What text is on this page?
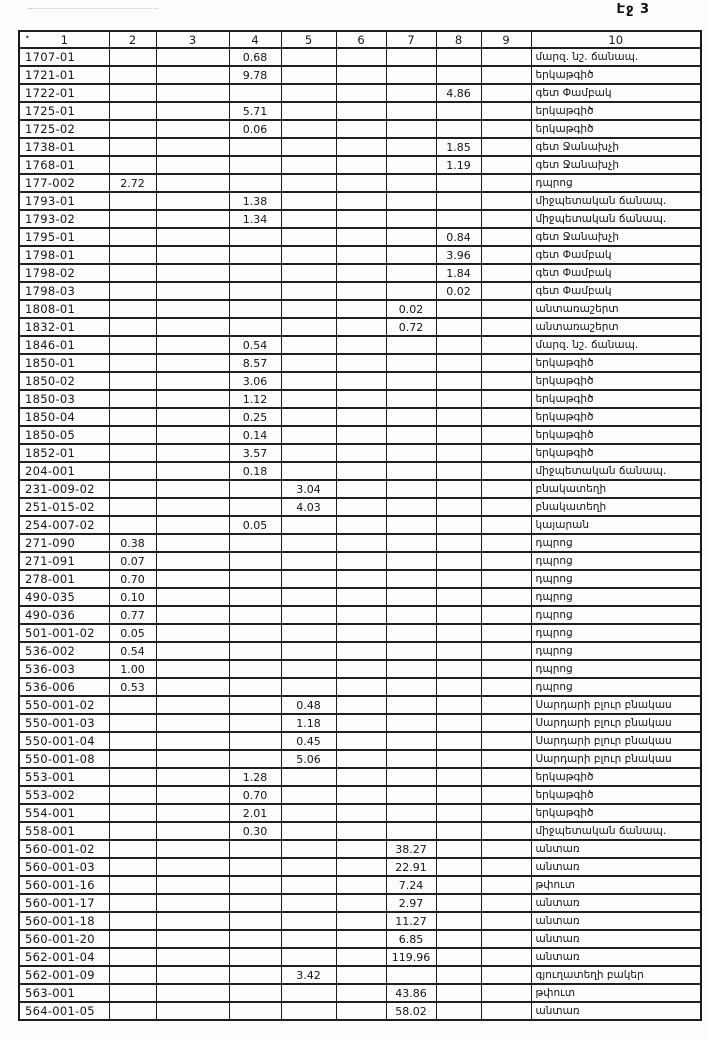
Էջ 3
• 1	2	3	4	5	6	7	8	9	10
1707-01			0.68						մարզ. նշ. ճանապ.
1721-01			9.78						երկաթգիծ
1722-01							4.86		գետ Փամբակ
1725-01			5.71						երկաթգիծ
1725-02			0.06						երկաթգիծ
1738-01							1.85		գետ Ջանախչի
1768-01							1.19		գետ Ջանախչի
177-002	2.72								դպրոց
1793-01			1.38						միջպետական ճանապ.
1793-02			1.34						միջպետական ճանապ.
1795-01							0.84		գետ Ջանախչի
1798-01							3.96		գետ Փամբակ
1798-02							1.84		գետ Փամբակ
1798-03							0.02		գետ Փամբակ
1808-01						0.02			անտառաշերտ
1832-01						0.72			անտառաշերտ
1846-01			0.54						մարզ. նշ. ճանապ.
1850-01			8.57						երկաթգիծ
1850-02			3.06						երկաթգիծ
1850-03			1.12						երկաթգիծ
1850-04			0.25						երկաթգիծ
1850-05			0.14						երկաթգիծ
1852-01			3.57						երկաթգիծ
204-001			0.18						միջպետական ճանապ.
231-009-02				3.04					բնակատեղի
251-015-02				4.03					բնակատեղի
254-007-02			0.05						կայարան
271-090	0.38								դպրոց
271-091	0.07								դպրոց
278-001	0.70								դպրոց
490-035	0.10								դպրոց
490-036	0.77								դպրոց
501-001-02	0.05								դպրոց
536-002	0.54								դպրոց
536-003	1.00								դպրոց
536-006	0.53								դպրոց
550-001-02				0.48					Սարդարի բլուր բնակաս
550-001-03				1.18					Սարդարի բլուր բնակաս
550-001-04				0.45					Սարդարի բլուր բնակաս
550-001-08				5.06					Սարդարի բլուր բնակաս
553-001			1.28						երկաթգիծ
553-002			0.70						երկաթգիծ
554-001			2.01						երկաթգիծ
558-001			0.30						միջպետական ճանապ.
560-001-02						38.27			անտառ
560-001-03						22.91			անտառ
560-001-16						7.24			թփուտ
560-001-17						2.97			անտառ
560-001-18						11.27			անտառ
560-001-20						6.85			անտառ
562-001-04						119.96			անտառ
562-001-09				3.42					գյուղատեղի բակեր
563-001						43.86			թփուտ
564-001-05						58.02			անտառ
